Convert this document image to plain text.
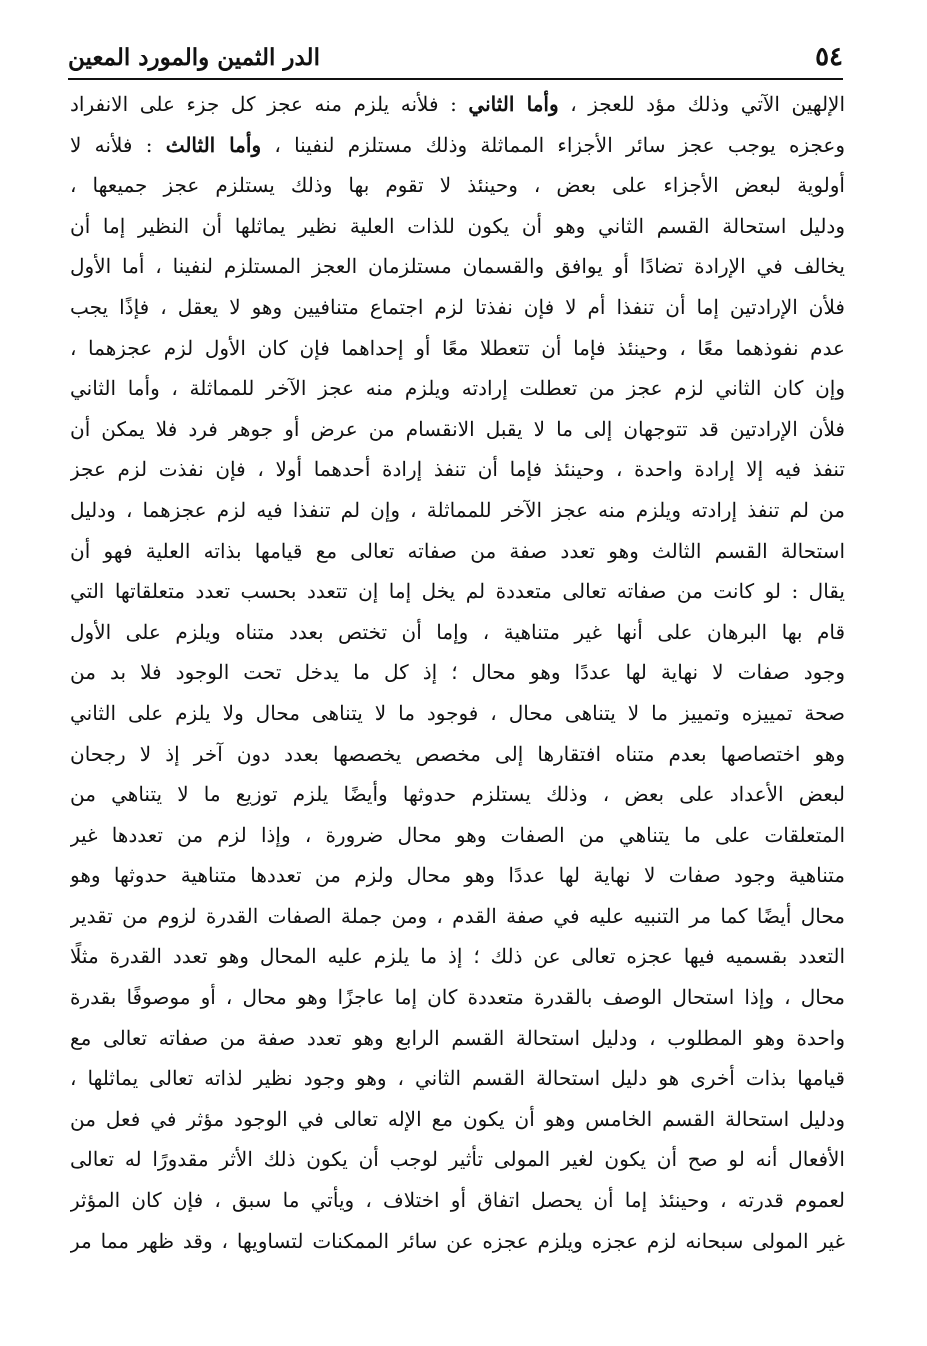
٥٤
الدر الثمين والمورد المعين
الإلهين الآتي وذلك مؤد للعجز ، وأما الثاني : فلأنه يلزم منه عجز كل جزء على الانفراد
وعجزه يوجب عجز سائر الأجزاء المماثلة وذلك مستلزم لنفينا ، وأما الثالث : فلأنه لا
أولوية لبعض الأجزاء على بعض ، وحينئذ لا تقوم بها وذلك يستلزم عجز جميعها ،
ودليل استحالة القسم الثاني وهو أن يكون للذات العلية نظير يماثلها أن النظير إما أن
يخالف في الإرادة تضادًا أو يوافق والقسمان مستلزمان العجز المستلزم لنفينا ، أما الأول
فلأن الإرادتين إما أن تنفذا أم لا فإن نفذتا لزم اجتماع متنافيين وهو لا يعقل ، فإذًا يجب
عدم نفوذهما معًا ، وحينئذ فإما أن تتعطلا معًا أو إحداهما فإن كان الأول لزم عجزهما ،
وإن كان الثاني لزم عجز من تعطلت إرادته ويلزم منه عجز الآخر للمماثلة ، وأما الثاني
فلأن الإرادتين قد تتوجهان إلى ما لا يقبل الانقسام من عرض أو جوهر فرد فلا يمكن أن
تنفذ فيه إلا إرادة واحدة ، وحينئذ فإما أن تنفذ إرادة أحدهما أولا ، فإن نفذت لزم عجز
من لم تنفذ إرادته ويلزم منه عجز الآخر للمماثلة ، وإن لم تنفذا فيه لزم عجزهما ، ودليل
استحالة القسم الثالث وهو تعدد صفة من صفاته تعالى مع قيامها بذاته العلية فهو أن
يقال : لو كانت من صفاته تعالى متعددة لم يخل إما إن تتعدد بحسب تعدد متعلقاتها التي
قام بها البرهان على أنها غير متناهية ، وإما أن تختص بعدد متناه ويلزم على الأول
وجود صفات لا نهاية لها عددًا وهو محال ؛ إذ كل ما يدخل تحت الوجود فلا بد من
صحة تمييزه وتمييز ما لا يتناهى محال ، فوجود ما لا يتناهى محال ولا يلزم على الثاني
وهو اختصاصها بعدم متناه افتقارها إلى مخصص يخصصها بعدد دون آخر إذ لا رجحان
لبعض الأعداد على بعض ، وذلك يستلزم حدوثها وأيضًا يلزم توزيع ما لا يتناهي من
المتعلقات على ما يتناهي من الصفات وهو محال ضرورة ، وإذا لزم من تعددها غير
متناهية وجود صفات لا نهاية لها عددًا وهو محال ولزم من تعددها متناهية حدوثها وهو
محال أيضًا كما مر التنبيه عليه في صفة القدم ، ومن جملة الصفات القدرة لزوم من تقدير
التعدد بقسميه فيها عجزه تعالى عن ذلك ؛ إذ ما يلزم عليه المحال وهو تعدد القدرة مثلًا
محال ، وإذا استحال الوصف بالقدرة متعددة كان إما عاجزًا وهو محال ، أو موصوفًا بقدرة
واحدة وهو المطلوب ، ودليل استحالة القسم الرابع وهو تعدد صفة من صفاته تعالى مع
قيامها بذات أخرى هو دليل استحالة القسم الثاني ، وهو وجود نظير لذاته تعالى يماثلها ،
ودليل استحالة القسم الخامس وهو أن يكون مع الإله تعالى في الوجود مؤثر في فعل من
الأفعال أنه لو صح أن يكون لغير المولى تأثير لوجب أن يكون ذلك الأثر مقدورًا له تعالى
لعموم قدرته ، وحينئذ إما أن يحصل اتفاق أو اختلاف ، ويأتي ما سبق ، فإن كان المؤثر
غير المولى سبحانه لزم عجزه ويلزم عجزه عن سائر الممكنات لتساويها ، وقد ظهر مما مر
